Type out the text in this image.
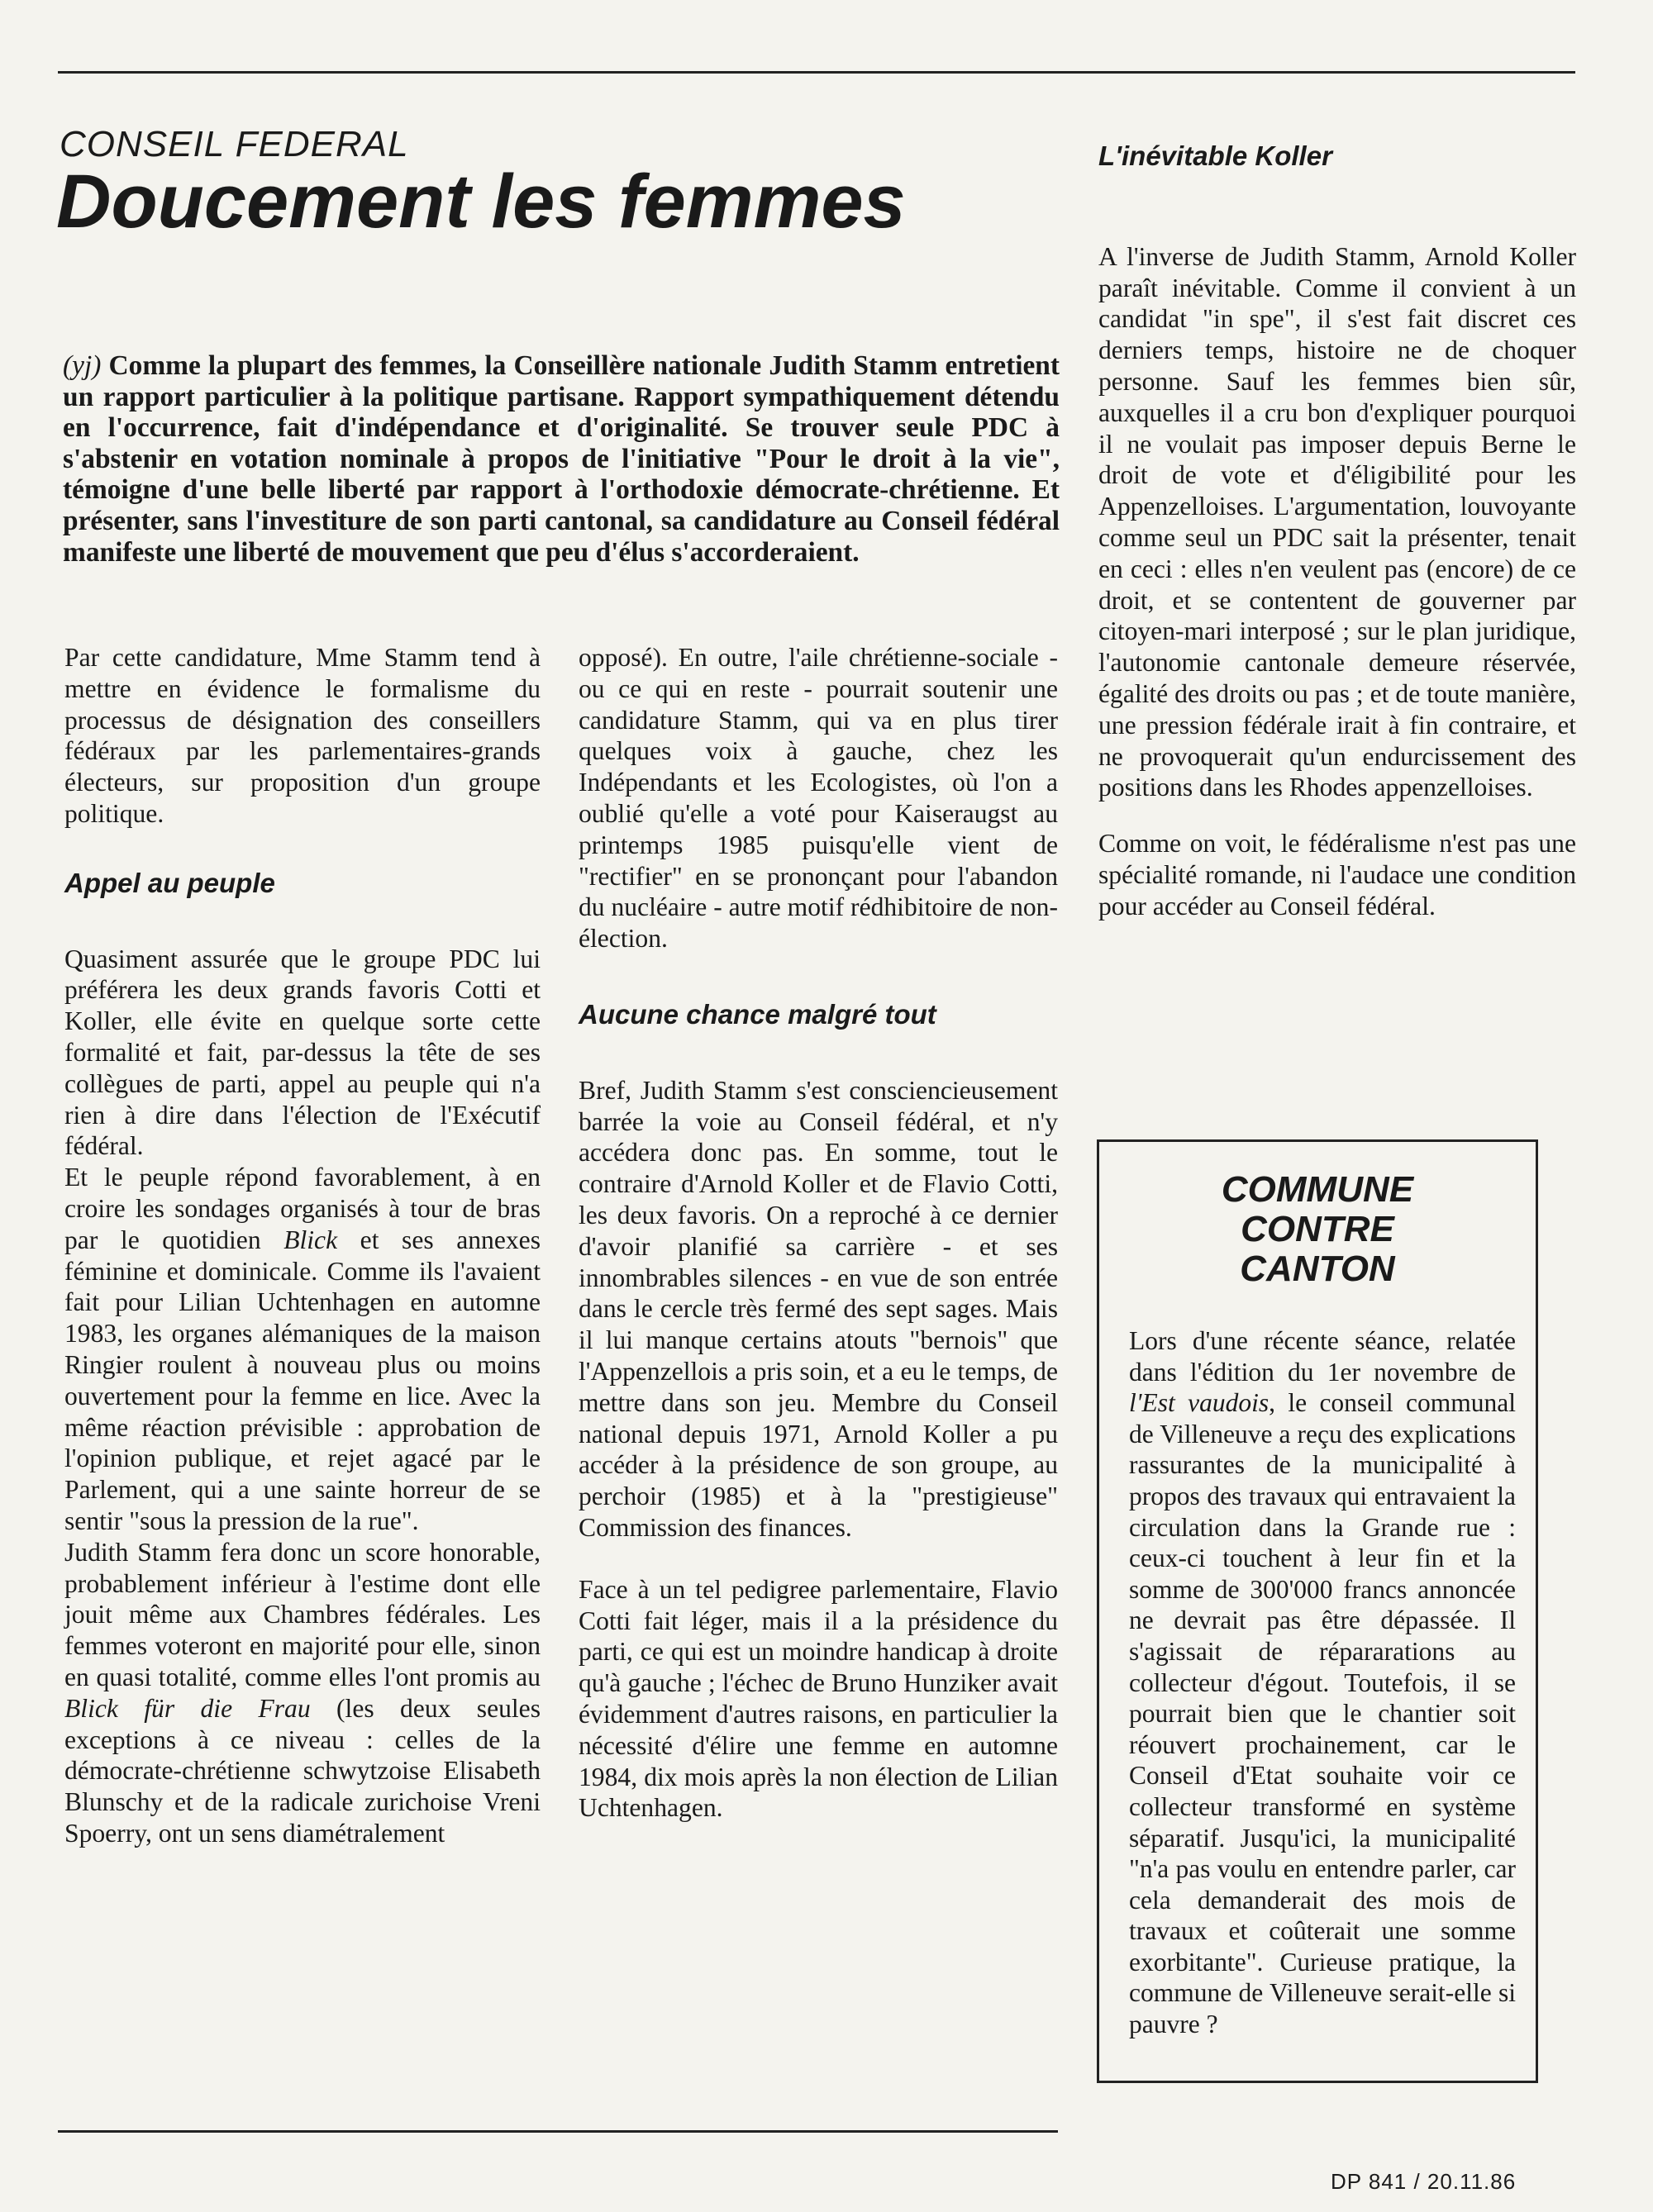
CONSEIL FEDERAL
Doucement les femmes

(yj) Comme la plupart des femmes, la Conseillère nationale Judith Stamm entretient un rapport particulier à la politique partisane. Rapport sympathiquement détendu en l'occurrence, fait d'indépendance et d'originalité. Se trouver seule PDC à s'abstenir en votation nominale à propos de l'initiative "Pour le droit à la vie", témoigne d'une belle liberté par rapport à l'orthodoxie démocrate-chrétienne. Et présenter, sans l'investiture de son parti cantonal, sa candidature au Conseil fédéral manifeste une liberté de mouvement que peu d'élus s'accorderaient.

Par cette candidature, Mme Stamm tend à mettre en évidence le formalisme du processus de désignation des conseillers fédéraux par les parlementaires-grands électeurs, sur proposition d'un groupe politique.

Appel au peuple

Quasiment assurée que le groupe PDC lui préférera les deux grands favoris Cotti et Koller, elle évite en quelque sorte cette formalité et fait, par-dessus la tête de ses collègues de parti, appel au peuple qui n'a rien à dire dans l'élection de l'Exécutif fédéral.

Et le peuple répond favorablement, à en croire les sondages organisés à tour de bras par le quotidien Blick et ses annexes féminine et dominicale. Comme ils l'avaient fait pour Lilian Uchtenhagen en automne 1983, les organes alémaniques de la maison Ringier roulent à nouveau plus ou moins ouvertement pour la femme en lice. Avec la même réaction prévisible : approbation de l'opinion publique, et rejet agacé par le Parlement, qui a une sainte horreur de se sentir "sous la pression de la rue".

Judith Stamm fera donc un score honorable, probablement inférieur à l'estime dont elle jouit même aux Chambres fédérales. Les femmes voteront en majorité pour elle, sinon en quasi totalité, comme elles l'ont promis au Blick für die Frau (les deux seules exceptions à ce niveau : celles de la démocrate-chrétienne schwytzoise Elisabeth Blunschy et de la radicale zurichoise Vreni Spoerry, ont un sens diamétralement

opposé). En outre, l'aile chrétienne-sociale - ou ce qui en reste - pourrait soutenir une candidature Stamm, qui va en plus tirer quelques voix à gauche, chez les Indépendants et les Ecologistes, où l'on a oublié qu'elle a voté pour Kaiseraugst au printemps 1985 puisqu'elle vient de "rectifier" en se prononçant pour l'abandon du nucléaire - autre motif rédhibitoire de non-élection.

Aucune chance malgré tout

Bref, Judith Stamm s'est consciencieusement barrée la voie au Conseil fédéral, et n'y accédera donc pas. En somme, tout le contraire d'Arnold Koller et de Flavio Cotti, les deux favoris. On a reproché à ce dernier d'avoir planifié sa carrière - et ses innombrables silences - en vue de son entrée dans le cercle très fermé des sept sages. Mais il lui manque certains atouts "bernois" que l'Appenzellois a pris soin, et a eu le temps, de mettre dans son jeu. Membre du Conseil national depuis 1971, Arnold Koller a pu accéder à la présidence de son groupe, au perchoir (1985) et à la "prestigieuse" Commission des finances.

Face à un tel pedigree parlementaire, Flavio Cotti fait léger, mais il a la présidence du parti, ce qui est un moindre handicap à droite qu'à gauche ; l'échec de Bruno Hunziker avait évidemment d'autres raisons, en particulier la nécessité d'élire une femme en automne 1984, dix mois après la non élection de Lilian Uchtenhagen.

L'inévitable Koller

A l'inverse de Judith Stamm, Arnold Koller paraît inévitable. Comme il convient à un candidat "in spe", il s'est fait discret ces derniers temps, histoire ne de choquer personne. Sauf les femmes bien sûr, auxquelles il a cru bon d'expliquer pourquoi il ne voulait pas imposer depuis Berne le droit de vote et d'éligibilité pour les Appenzelloises. L'argumentation, louvoyante comme seul un PDC sait la présenter, tenait en ceci : elles n'en veulent pas (encore) de ce droit, et se contentent de gouverner par citoyen-mari interposé ; sur le plan juridique, l'autonomie cantonale demeure réservée, égalité des droits ou pas ; et de toute manière, une pression fédérale irait à fin contraire, et ne provoquerait qu'un endurcissement des positions dans les Rhodes appenzelloises.

Comme on voit, le fédéralisme n'est pas une spécialité romande, ni l'audace une condition pour accéder au Conseil fédéral.

COMMUNE
CONTRE
CANTON

Lors d'une récente séance, relatée dans l'édition du 1er novembre de l'Est vaudois, le conseil communal de Villeneuve a reçu des explications rassurantes de la municipalité à propos des travaux qui entravaient la circulation dans la Grande rue : ceux-ci touchent à leur fin et la somme de 300'000 francs annoncée ne devrait pas être dépassée. Il s'agissait de répararations au collecteur d'égout. Toutefois, il se pourrait bien que le chantier soit réouvert prochainement, car le Conseil d'Etat souhaite voir ce collecteur transformé en système séparatif. Jusqu'ici, la municipalité "n'a pas voulu en entendre parler, car cela demanderait des mois de travaux et coûterait une somme exorbitante". Curieuse pratique, la commune de Villeneuve serait-elle si pauvre ?

DP 841 / 20.11.86
